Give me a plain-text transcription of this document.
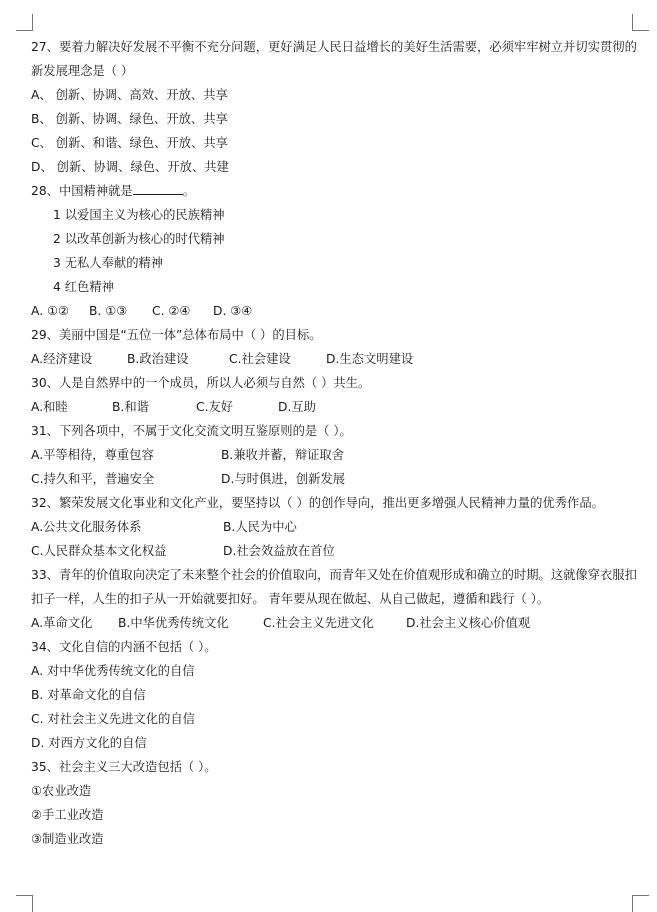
27、要着力解决好发展不平衡不充分问题，更好满足人民日益增长的美好生活需要，必须牢牢树立并切实贯彻的新发展理念是（ ）
A、 创新、协调、高效、开放、共享
B、 创新、协调、绿色、开放、共享
C、 创新、和谐、绿色、开放、共享
D、 创新、协调、绿色、开放、共建
28、中国精神就是	。
1 以爱国主义为核心的民族精神
2 以改革创新为核心的时代精神
3 无私人奉献的精神
4 红色精神
A. ①②	B. ①③	C. ②④	D. ③④
29、美丽中国是“五位一体”总体布局中（ ）的目标。
A.经济建设	B.政治建设	C.社会建设	D.生态文明建设
30、人是自然界中的一个成员，所以人必须与自然（ ）共生。
A.和睦	B.和谐	C.友好	D.互助
31、下列各项中，不属于文化交流文明互鉴原则的是（ ）。
A.平等相待，尊重包容	B.兼收并蓄，辩证取舍
C.持久和平，普遍安全	D.与时俱进，创新发展
32、繁荣发展文化事业和文化产业，要坚持以（ ）的创作导向，推出更多增强人民精神力量的优秀作品。
A.公共文化服务体系	B.人民为中心
C.人民群众基本文化权益	D.社会效益放在首位
33、青年的价值取向决定了未来整个社会的价值取向，而青年又处在价值观形成和确立的时期。这就像穿衣服扣扣子一样，人生的扣子从一开始就要扣好。 青年要从现在做起、从自己做起，遵循和践行（ ）。
A.革命文化	B.中华优秀传统文化	C.社会主义先进文化	D.社会主义核心价值观
34、文化自信的内涵不包括（ ）。
A. 对中华优秀传统文化的自信
B. 对革命文化的自信
C. 对社会主义先进文化的自信
D. 对西方文化的自信
35、社会主义三大改造包括（ ）。
①农业改造
②手工业改造
③制造业改造
